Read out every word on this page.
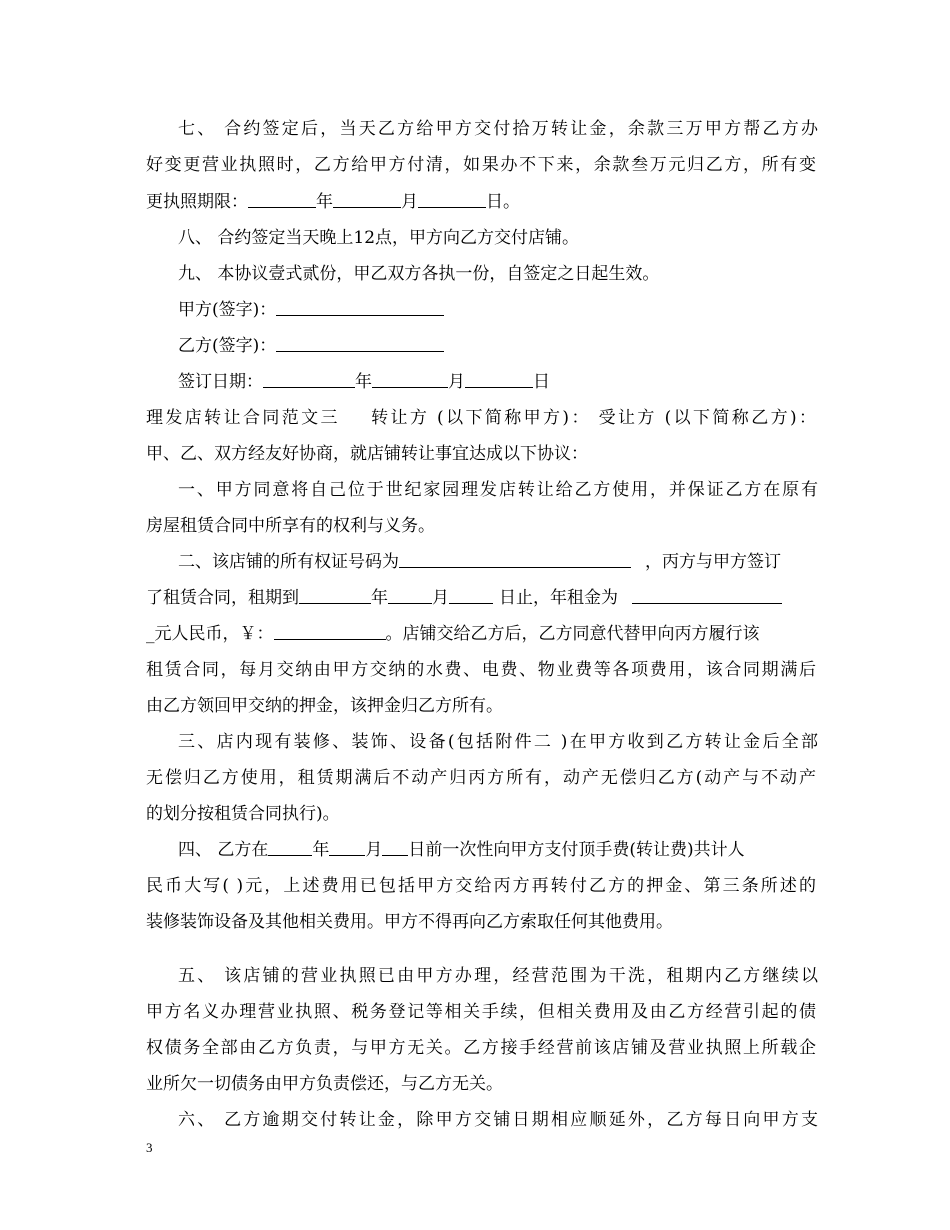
七、 合约签定后，当天乙方给甲方交付拾万转让金，余款三万甲方帮乙方办
好变更营业执照时，乙方给甲方付清，如果办不下来，余款叁万元归乙方，所有变
更执照期限：	年	月	日。
八、 合约签定当天晚上12点，甲方向乙方交付店铺。
九、 本协议壹式贰份，甲乙双方各执一份，自签定之日起生效。
甲方(签字)：
乙方(签字)：
签订日期：	年	月	日
理发店转让合同范文三    转让方 (以下简称甲方)： 受让方 (以下简称乙方)：
甲、乙、双方经友好协商，就店铺转让事宜达成以下协议：
一、甲方同意将自己位于世纪家园理发店转让给乙方使用，并保证乙方在原有
房屋租赁合同中所享有的权利与义务。
二、该店铺的所有权证号码为	，丙方与甲方签订
了租赁合同，租期到	年	月	日止，年租金为
_元人民币，￥：	。店铺交给乙方后，乙方同意代替甲向丙方履行该
租赁合同，每月交纳由甲方交纳的水费、电费、物业费等各项费用，该合同期满后
由乙方领回甲交纳的押金，该押金归乙方所有。
三、店内现有装修、装饰、设备(包括附件二 )在甲方收到乙方转让金后全部
无偿归乙方使用，租赁期满后不动产归丙方所有，动产无偿归乙方(动产与不动产
的划分按租赁合同执行)。
四、 乙方在	年 月 日前一次性向甲方支付顶手费(转让费)共计人
民币大写( )元，上述费用已包括甲方交给丙方再转付乙方的押金、第三条所述的
装修装饰设备及其他相关费用。甲方不得再向乙方索取任何其他费用。
五、 该店铺的营业执照已由甲方办理，经营范围为干洗，租期内乙方继续以
甲方名义办理营业执照、税务登记等相关手续，但相关费用及由乙方经营引起的债
权债务全部由乙方负责，与甲方无关。乙方接手经营前该店铺及营业执照上所载企
业所欠一切债务由甲方负责偿还，与乙方无关。
六、 乙方逾期交付转让金，除甲方交铺日期相应顺延外，乙方每日向甲方支
3
